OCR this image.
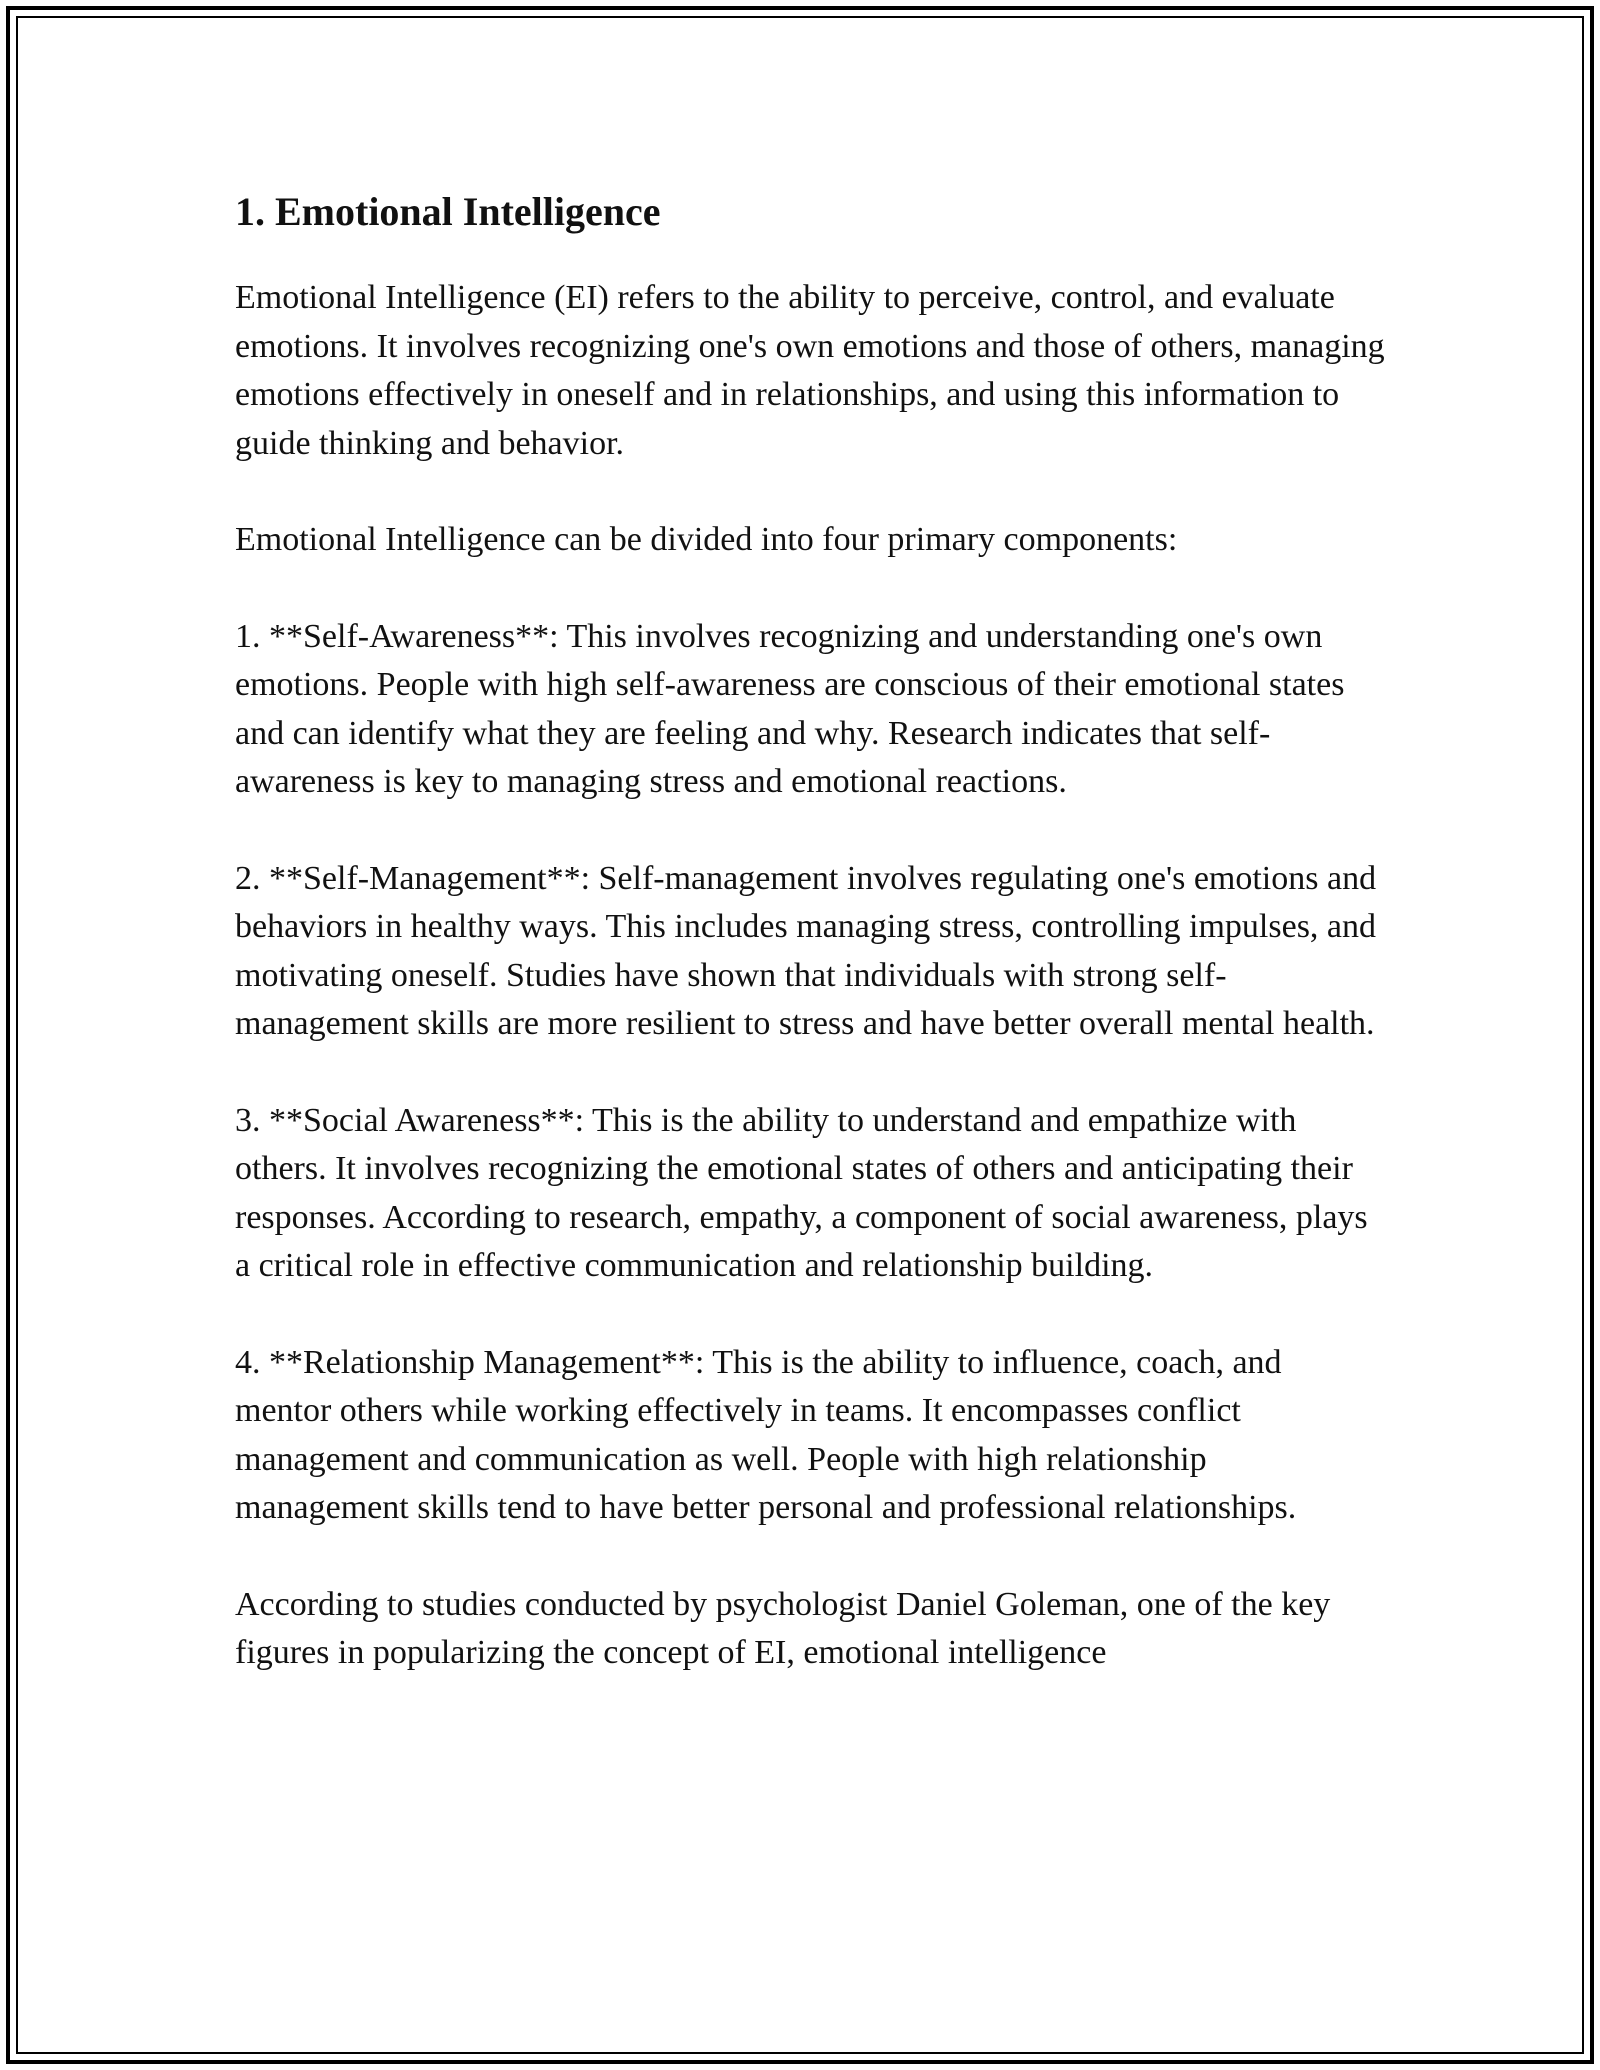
1. Emotional Intelligence

Emotional Intelligence (EI) refers to the ability to perceive, control, and evaluate emotions. It involves recognizing one's own emotions and those of others, managing emotions effectively in oneself and in relationships, and using this information to guide thinking and behavior.

Emotional Intelligence can be divided into four primary components:

1. **Self-Awareness**: This involves recognizing and understanding one's own emotions. People with high self-awareness are conscious of their emotional states and can identify what they are feeling and why. Research indicates that self-awareness is key to managing stress and emotional reactions.

2. **Self-Management**: Self-management involves regulating one's emotions and behaviors in healthy ways. This includes managing stress, controlling impulses, and motivating oneself. Studies have shown that individuals with strong self-management skills are more resilient to stress and have better overall mental health.

3. **Social Awareness**: This is the ability to understand and empathize with others. It involves recognizing the emotional states of others and anticipating their responses. According to research, empathy, a component of social awareness, plays a critical role in effective communication and relationship building.

4. **Relationship Management**: This is the ability to influence, coach, and mentor others while working effectively in teams. It encompasses conflict management and communication as well. People with high relationship management skills tend to have better personal and professional relationships.

According to studies conducted by psychologist Daniel Goleman, one of the key figures in popularizing the concept of EI, emotional intelligence
